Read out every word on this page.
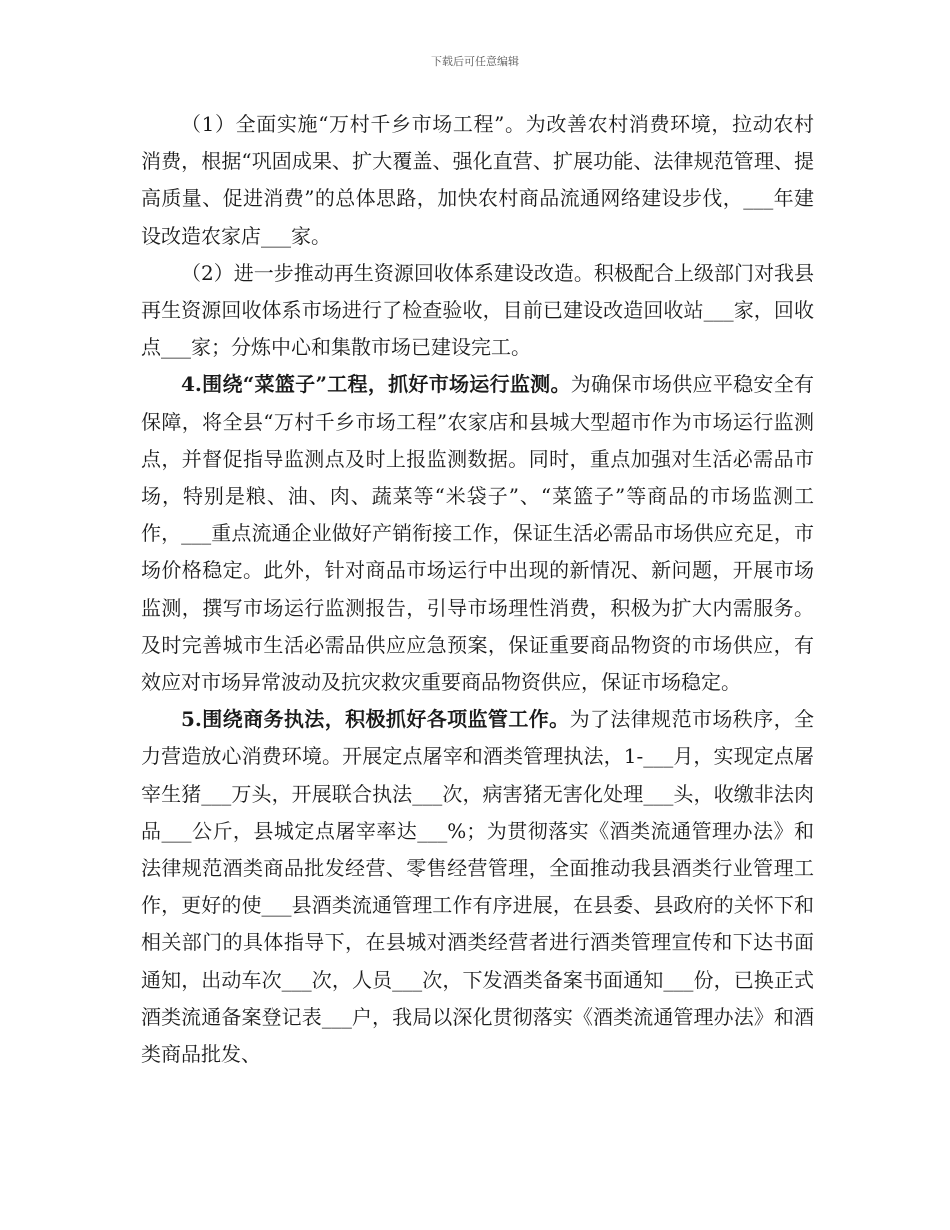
下载后可任意编辑

（1）全面实施“万村千乡市场工程”。为改善农村消费环境，拉动农村消费，根据“巩固成果、扩大覆盖、强化直营、扩展功能、法律规范管理、提高质量、促进消费”的总体思路，加快农村商品流通网络建设步伐，___年建设改造农家店___家。

（2）进一步推动再生资源回收体系建设改造。积极配合上级部门对我县再生资源回收体系市场进行了检查验收，目前已建设改造回收站___家，回收点___家；分炼中心和集散市场已建设完工。

4.围绕“菜篮子”工程，抓好市场运行监测。为确保市场供应平稳安全有保障，将全县“万村千乡市场工程”农家店和县城大型超市作为市场运行监测点，并督促指导监测点及时上报监测数据。同时，重点加强对生活必需品市场，特别是粮、油、肉、蔬菜等“米袋子”、“菜篮子”等商品的市场监测工作，___重点流通企业做好产销衔接工作，保证生活必需品市场供应充足，市场价格稳定。此外，针对商品市场运行中出现的新情况、新问题，开展市场监测，撰写市场运行监测报告，引导市场理性消费，积极为扩大内需服务。及时完善城市生活必需品供应应急预案，保证重要商品物资的市场供应，有效应对市场异常波动及抗灾救灾重要商品物资供应，保证市场稳定。

5.围绕商务执法，积极抓好各项监管工作。为了法律规范市场秩序，全力营造放心消费环境。开展定点屠宰和酒类管理执法，1-___月，实现定点屠宰生猪___万头，开展联合执法___次，病害猪无害化处理___头，收缴非法肉品___公斤，县城定点屠宰率达___%；为贯彻落实《酒类流通管理办法》和法律规范酒类商品批发经营、零售经营管理，全面推动我县酒类行业管理工作，更好的使___县酒类流通管理工作有序进展，在县委、县政府的关怀下和相关部门的具体指导下，在县城对酒类经营者进行酒类管理宣传和下达书面通知，出动车次___次，人员___次，下发酒类备案书面通知___份，已换正式酒类流通备案登记表___户，我局以深化贯彻落实《酒类流通管理办法》和酒类商品批发、
